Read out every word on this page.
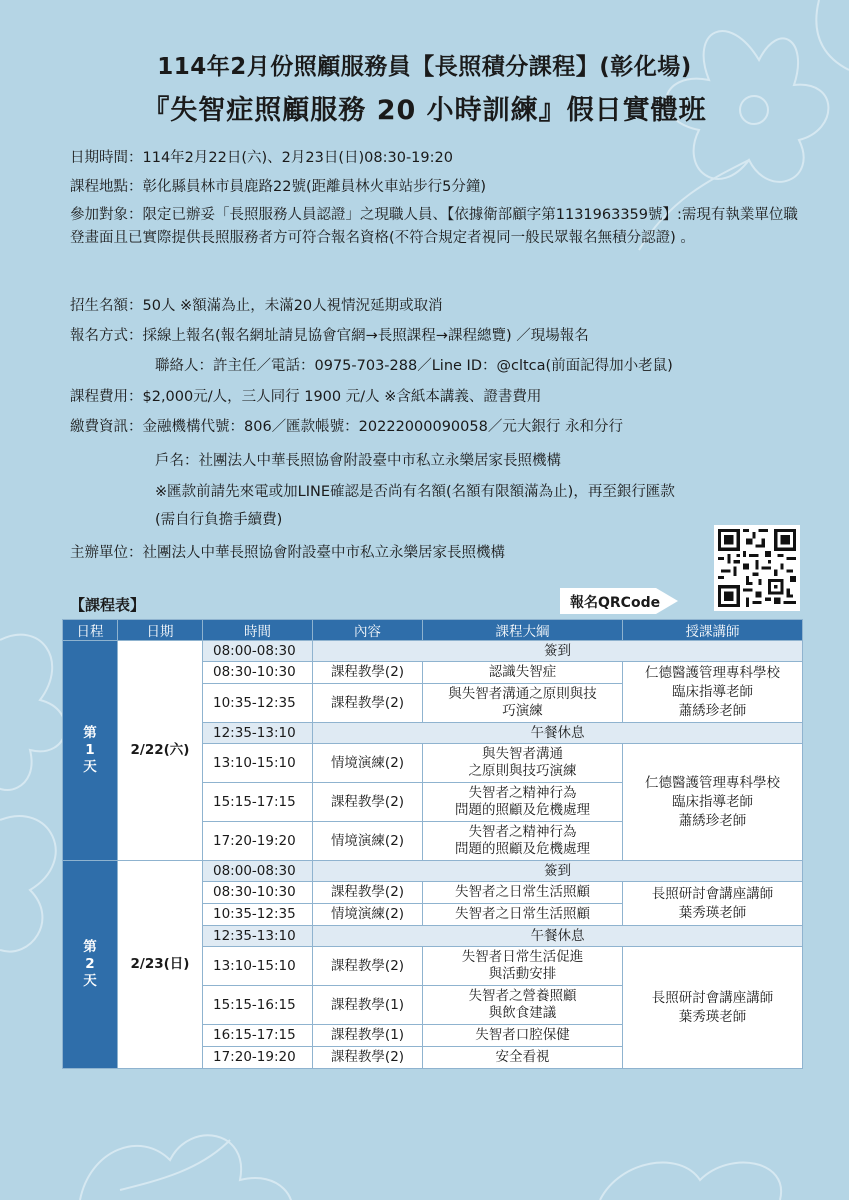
114年2月份照顧服務員【長照積分課程】(彰化場)
『失智症照顧服務 20 小時訓練』假日實體班
日期時間：114年2月22日(六)、2月23日(日)08:30-19:20
課程地點：彰化縣員林市員鹿路22號(距離員林火車站步行5分鐘)
參加對象：限定已辦妥「長照服務人員認證」之現職人員、【依據衛部顧字第1131963359號】:需現有執業單位職登畫面且已實際提供長照服務者方可符合報名資格(不符合規定者視同一般民眾報名無積分認證) 。
招生名額：50人 ※額滿為止，未滿20人視情況延期或取消
報名方式：採線上報名(報名網址請見協會官網→長照課程→課程總覽) ／現場報名
聯絡人：許主任／電話：0975-703-288／Line ID：@cltca(前面記得加小老鼠)
課程費用：$2,000元/人，三人同行 1900 元/人 ※含紙本講義、證書費用
繳費資訊：金融機構代號：806／匯款帳號：20222000090058／元大銀行 永和分行
戶名：社團法人中華長照協會附設臺中市私立永樂居家長照機構
※匯款前請先來電或加LINE確認是否尚有名額(名額有限額滿為止)，再至銀行匯款
(需自行負擔手續費)
主辦單位：社團法人中華長照協會附設臺中市私立永樂居家長照機構
報名QRCode
【課程表】
日程	日期	時間	內容	課程大綱	授課講師
第
1
天	2/22(六)	08:00-08:30	簽到		
		08:30-10:30	課程教學(2)	認識失智症	仁德醫護管理專科學校
臨床指導老師
蕭綉珍老師
		10:35-12:35	課程教學(2)	與失智者溝通之原則與技
巧演練	
		12:35-13:10	午餐休息		
		13:10-15:10	情境演練(2)	與失智者溝通
之原則與技巧演練	仁德醫護管理專科學校
臨床指導老師
蕭綉珍老師
		15:15-17:15	課程教學(2)	失智者之精神行為
問題的照顧及危機處理	
		17:20-19:20	情境演練(2)	失智者之精神行為
問題的照顧及危機處理	
第
2
天	2/23(日)	08:00-08:30	簽到		
		08:30-10:30	課程教學(2)	失智者之日常生活照顧	長照研討會講座講師
葉秀瑛老師
		10:35-12:35	情境演練(2)	失智者之日常生活照顧	
		12:35-13:10	午餐休息		
		13:10-15:10	課程教學(2)	失智者日常生活促進
與活動安排	長照研討會講座講師
葉秀瑛老師
		15:15-16:15	課程教學(1)	失智者之營養照顧
與飲食建議	
		16:15-17:15	課程教學(1)	失智者口腔保健	
		17:20-19:20	課程教學(2)	安全看視	
